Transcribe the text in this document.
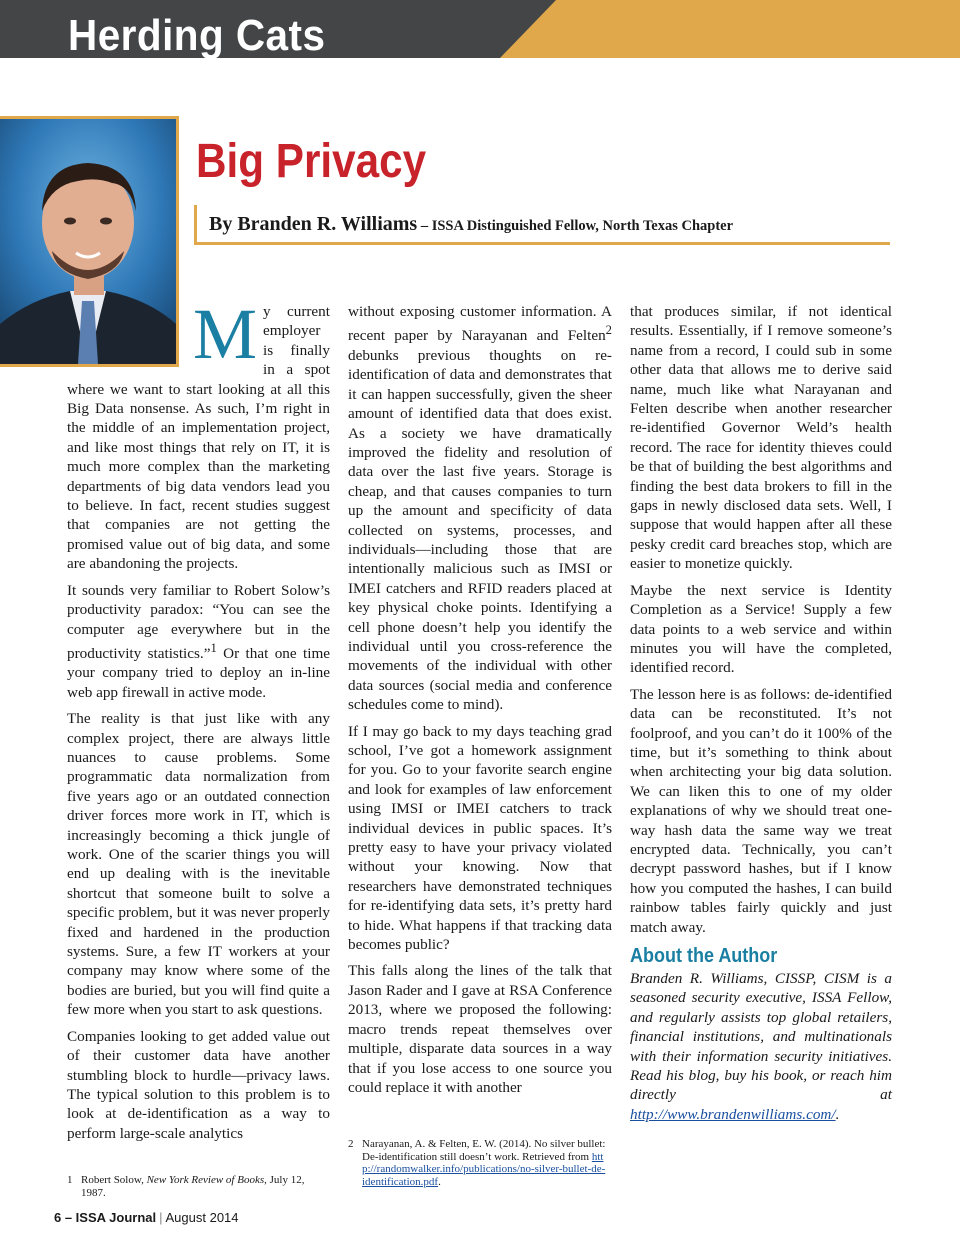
Herding Cats
Big Privacy
By Branden R. Williams – ISSA Distinguished Fellow, North Texas Chapter

My current employer is finally in a spot where we want to start looking at all this Big Data nonsense. As such, I’m right in the middle of an implementation project, and like most things that rely on IT, it is much more complex than the marketing departments of big data vendors lead you to believe. In fact, recent studies suggest that companies are not getting the promised value out of big data, and some are abandoning the projects.

It sounds very familiar to Robert Solow’s productivity paradox: “You can see the computer age everywhere but in the productivity statistics.”$^1$ Or that one time your company tried to deploy an in-line web app firewall in active mode.

The reality is that just like with any complex project, there are always little nuances to cause problems. Some programmatic data normalization from five years ago or an outdated connection driver forces more work in IT, which is increasingly becoming a thick jungle of work. One of the scarier things you will end up dealing with is the inevitable shortcut that someone built to solve a specific problem, but it was never properly fixed and hardened in the production systems. Sure, a few IT workers at your company may know where some of the bodies are buried, but you will find quite a few more when you start to ask questions.

Companies looking to get added value out of their customer data have another stumbling block to hurdle—privacy laws. The typical solution to this problem is to look at de-identification as a way to perform large-scale analytics

without exposing customer information. A recent paper by Narayanan and Felten$^2$ debunks previous thoughts on re-identification of data and demonstrates that it can happen successfully, given the sheer amount of identified data that does exist. As a society we have dramatically improved the fidelity and resolution of data over the last five years. Storage is cheap, and that causes companies to turn up the amount and specificity of data collected on systems, processes, and individuals—including those that are intentionally malicious such as IMSI or IMEI catchers and RFID readers placed at key physical choke points. Identifying a cell phone doesn’t help you identify the individual until you cross-reference the movements of the individual with other data sources (social media and conference schedules come to mind).

If I may go back to my days teaching grad school, I’ve got a homework assignment for you. Go to your favorite search engine and look for examples of law enforcement using IMSI or IMEI catchers to track individual devices in public spaces. It’s pretty easy to have your privacy violated without your knowing. Now that researchers have demonstrated techniques for re-identifying data sets, it’s pretty hard to hide. What happens if that tracking data becomes public?

This falls along the lines of the talk that Jason Rader and I gave at RSA Conference 2013, where we proposed the following: macro trends repeat themselves over multiple, disparate data sources in a way that if you lose access to one source you could replace it with another

that produces similar, if not identical results. Essentially, if I remove someone’s name from a record, I could sub in some other data that allows me to derive said name, much like what Narayanan and Felten describe when another researcher re-identified Governor Weld’s health record. The race for identity thieves could be that of building the best algorithms and finding the best data brokers to fill in the gaps in newly disclosed data sets. Well, I suppose that would happen after all these pesky credit card breaches stop, which are easier to monetize quickly.

Maybe the next service is Identity Completion as a Service! Supply a few data points to a web service and within minutes you will have the completed, identified record.

The lesson here is as follows: de-identified data can be reconstituted. It’s not foolproof, and you can’t do it 100% of the time, but it’s something to think about when architecting your big data solution. We can liken this to one of my older explanations of why we should treat one-way hash data the same way we treat encrypted data. Technically, you can’t decrypt password hashes, but if I know how you computed the hashes, I can build rainbow tables fairly quickly and just match away.

About the Author

Branden R. Williams, CISSP, CISM is a seasoned security executive, ISSA Fellow, and regularly assists top global retailers, financial institutions, and multinationals with their information security initiatives. Read his blog, buy his book, or reach him directly at http://www.brandenwilliams.com/.

1 Robert Solow, New York Review of Books, July 12, 1987.
2 Narayanan, A. & Felten, E. W. (2014). No silver bullet: De-identification still doesn’t work. Retrieved from http://randomwalker.info/publications/no-silver-bullet-de-identification.pdf.
6 – ISSA Journal | August 2014
